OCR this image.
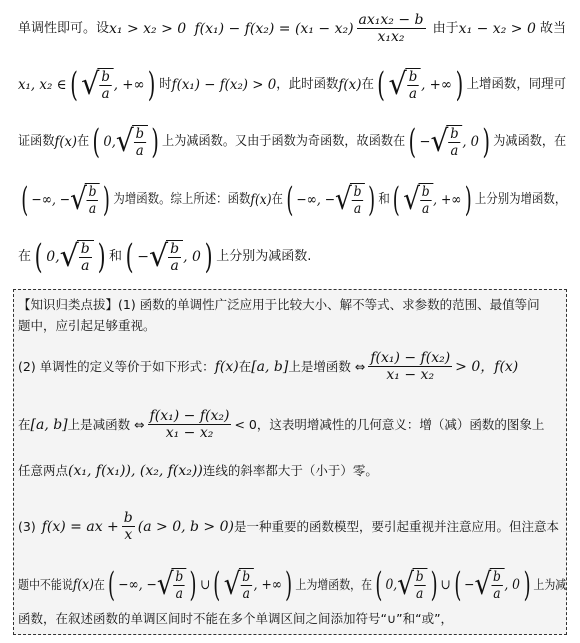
单调性即可。设 x₁ > x₂ > 0 $f(x_1) - f(x_2) = (x_1 - x_2) \frac{\text{ax₁x₂ − b}}{\text{x₁x₂}}$ 由于 x₁ − x₂ > 0 故当
x₁, x₂ ∈ ( √
$\frac{b}{a}$ , +∞ ) 时 f(x₁) − f(x₂) > 0 ，此时函数 f(x) 在 ( √
$\frac{b}{a}$ , +∞ ) 上增函数，同理可
证函数 f(x) 在 ( 0, √
$\frac{b}{a}$ ) 上为减函数。又由于函数为奇函数，故函数在 ( − √
$\frac{b}{a}$ , 0 ) 为减函数，在
( −∞, − √
$\frac{b}{a}$ ) 为增函数。综上所述：函数 f(x) 在 ( −∞, − √
$\frac{b}{a}$ ) 和 ( √
$\frac{b}{a}$ , +∞ ) 上分别为增函数，
在 ( 0, √
$\frac{b}{a}$ ) 和 ( − √
$\frac{b}{a}$ , 0 ) 上分别为减函数.
【知识归类点拔】(1) 函数的单调性广泛应用于比较大小、解不等式、求参数的范围、最值等问
题中，应引起足够重视。
(2) 单调性的定义等价于如下形式： f(x) 在 [a, b] 上是增函数 ⇔ $\frac{\text{f(x₁) − f(x₂)}}{\text{x₁ − x₂}} > 0$， f(x)
在 [a, b] 上是减函数 ⇔ $\frac{\text{f(x₁) − f(x₂)}}{\text{x₁ − x₂}} < 0$，这表明增减性的几何意义：增（减）函数的图象上
任意两点 (x₁, f(x₁)), (x₂, f(x₂)) 连线的斜率都大于（小于）零。
(3) f(x) = ax + $\frac{b}{x} (a > 0$, b > 0) 是一种重要的函数模型，要引起重视并注意应用。但注意本
题中不能说 f(x) 在 ( −∞, − √
$\frac{b}{a}$ ) ∪ ( √
$\frac{b}{a}$ , +∞ ) 上为增函数，在 ( 0, √
$\frac{b}{a}$ ) ∪ ( − √
$\frac{b}{a}$ , 0 ) 上为减
函数，在叙述函数的单调区间时不能在多个单调区间之间添加符号“∪”和“或”，
